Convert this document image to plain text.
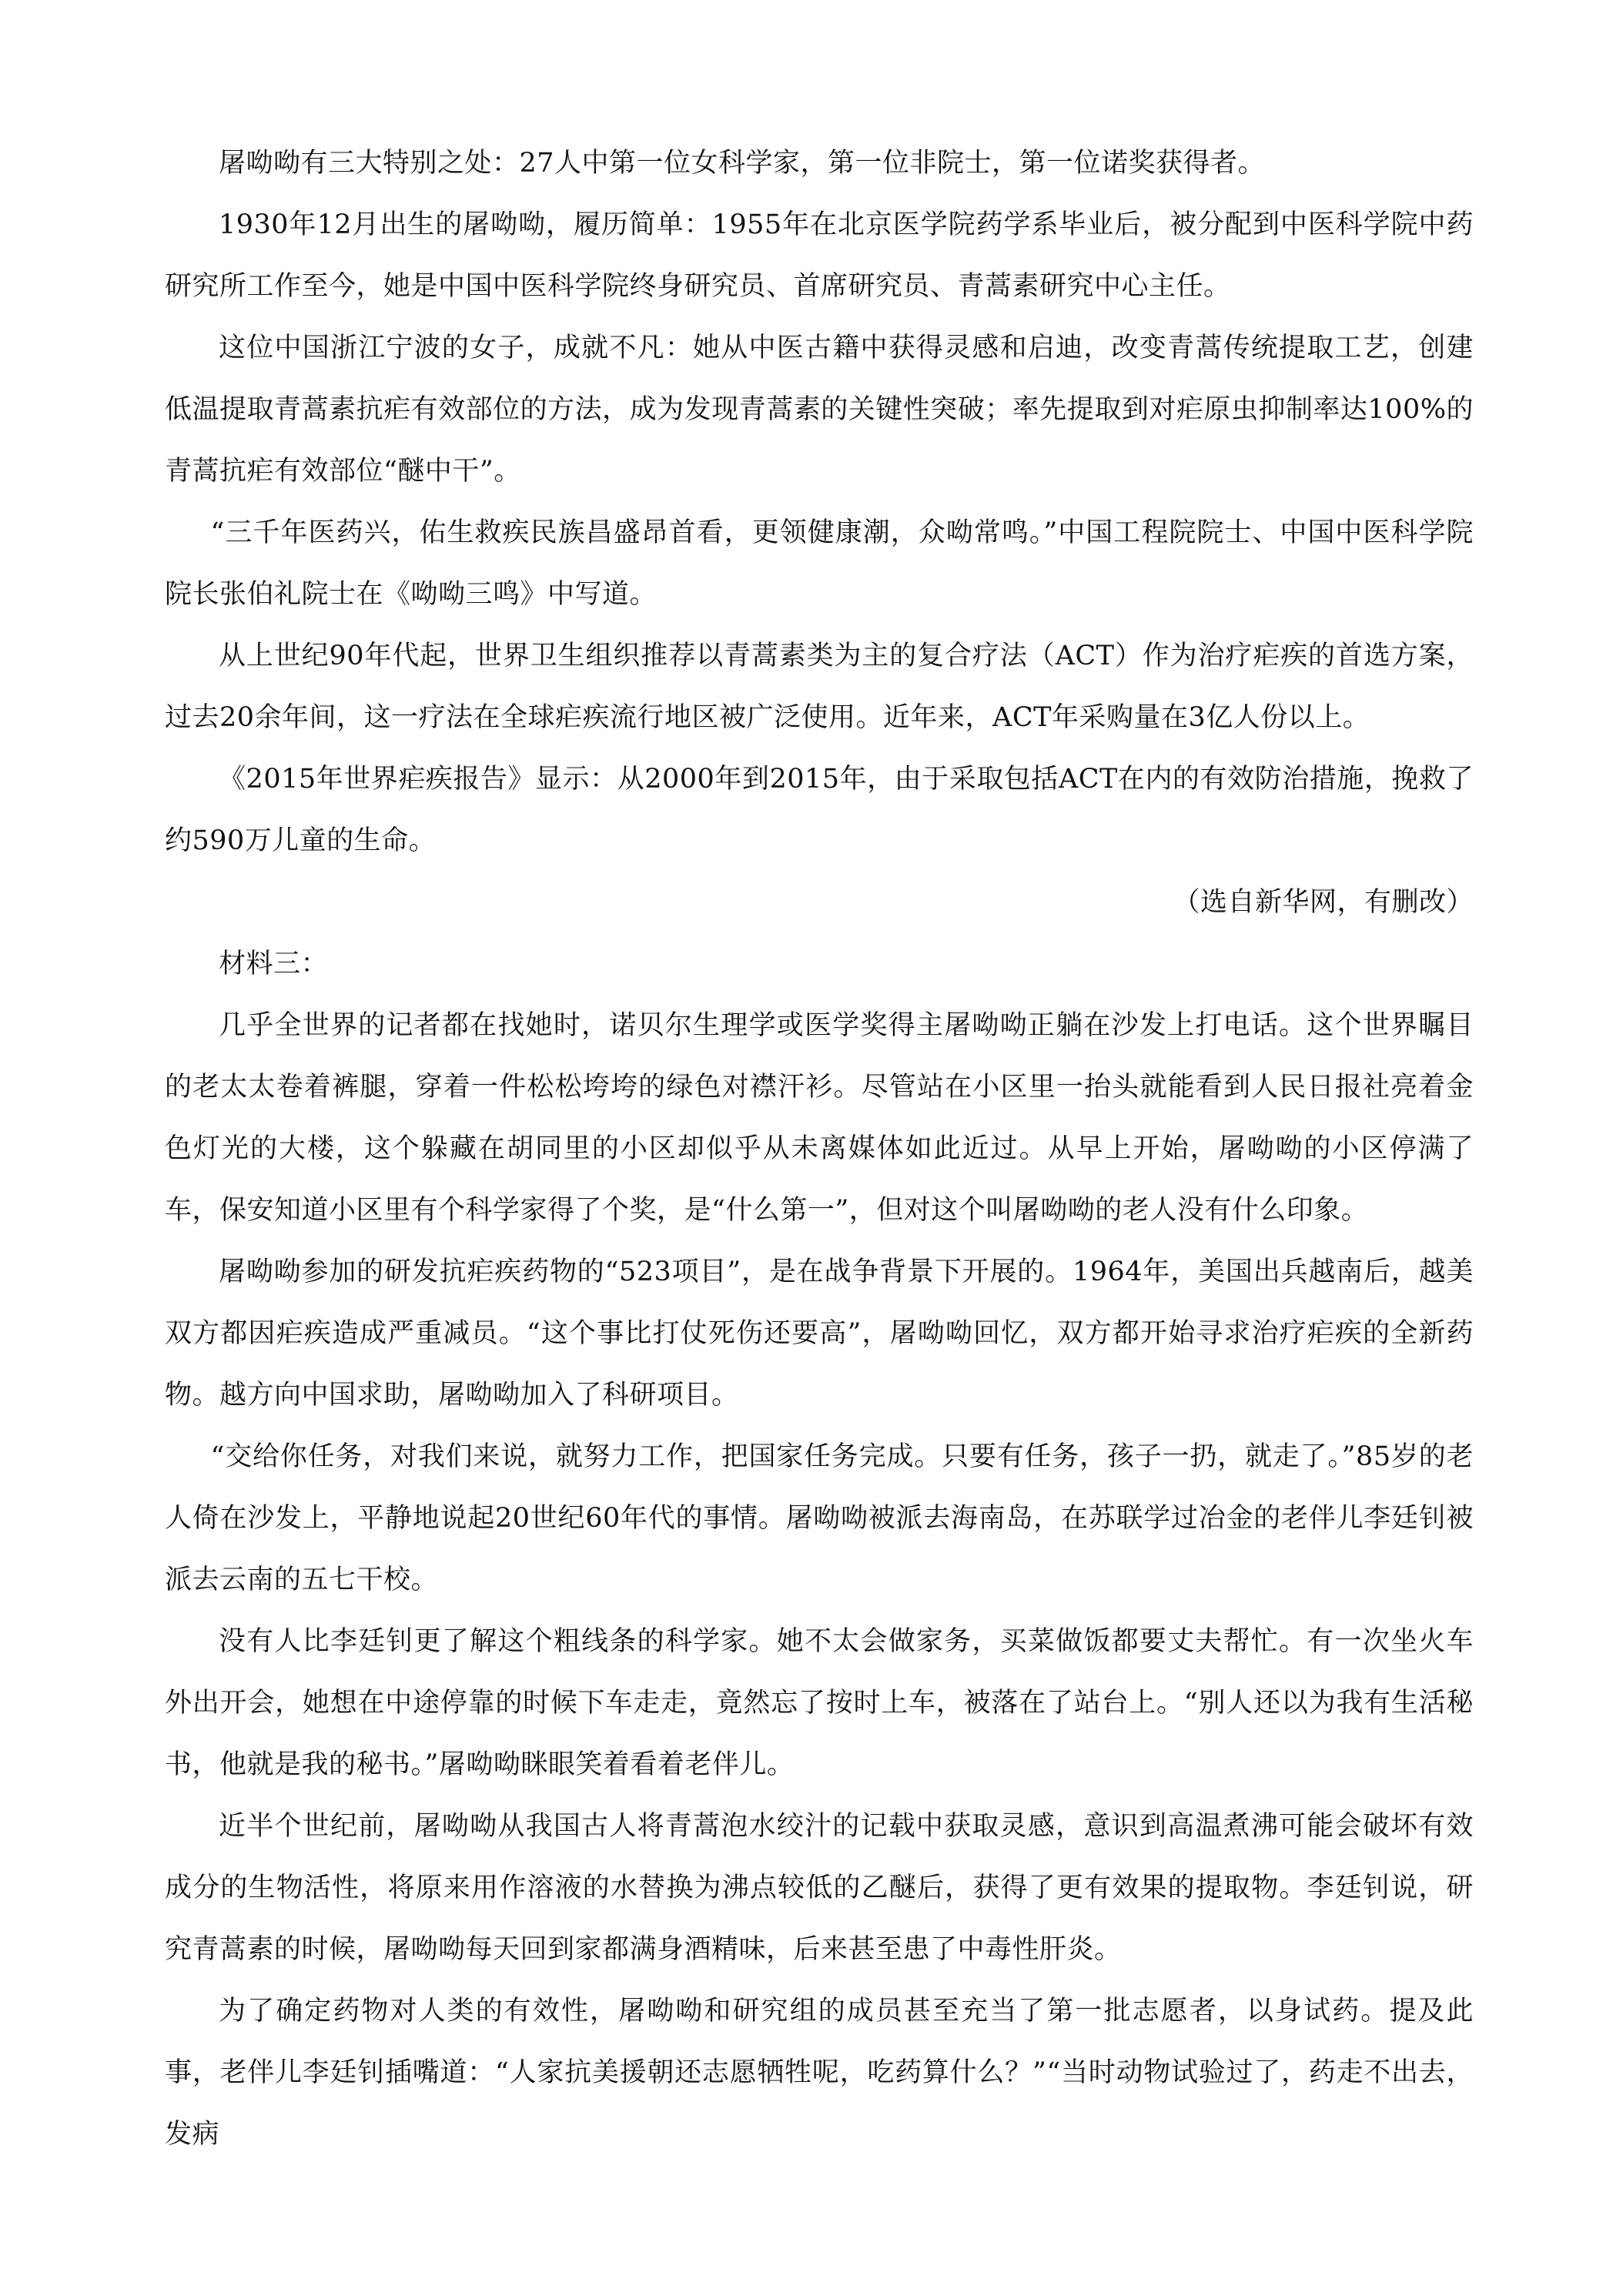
屠呦呦有三大特别之处：27人中第一位女科学家，第一位非院士，第一位诺奖获得者。

1930年12月出生的屠呦呦，履历简单：1955年在北京医学院药学系毕业后，被分配到中医科学院中药研究所工作至今，她是中国中医科学院终身研究员、首席研究员、青蒿素研究中心主任。

这位中国浙江宁波的女子，成就不凡：她从中医古籍中获得灵感和启迪，改变青蒿传统提取工艺，创建低温提取青蒿素抗疟有效部位的方法，成为发现青蒿素的关键性突破；率先提取到对疟原虫抑制率达100%的青蒿抗疟有效部位“醚中干”。

“三千年医药兴，佑生救疾民族昌盛昂首看，更领健康潮，众呦常鸣。”中国工程院院士、中国中医科学院院长张伯礼院士在《呦呦三鸣》中写道。

从上世纪90年代起，世界卫生组织推荐以青蒿素类为主的复合疗法（ACT）作为治疗疟疾的首选方案，过去20余年间，这一疗法在全球疟疾流行地区被广泛使用。近年来，ACT年采购量在3亿人份以上。

《2015年世界疟疾报告》显示：从2000年到2015年，由于采取包括ACT在内的有效防治措施，挽救了约590万儿童的生命。

（选自新华网，有删改）

材料三：

几乎全世界的记者都在找她时，诺贝尔生理学或医学奖得主屠呦呦正躺在沙发上打电话。这个世界瞩目的老太太卷着裤腿，穿着一件松松垮垮的绿色对襟汗衫。尽管站在小区里一抬头就能看到人民日报社亮着金色灯光的大楼，这个躲藏在胡同里的小区却似乎从未离媒体如此近过。从早上开始，屠呦呦的小区停满了车，保安知道小区里有个科学家得了个奖，是“什么第一”，但对这个叫屠呦呦的老人没有什么印象。

屠呦呦参加的研发抗疟疾药物的“523项目”，是在战争背景下开展的。1964年，美国出兵越南后，越美双方都因疟疾造成严重减员。“这个事比打仗死伤还要高”，屠呦呦回忆，双方都开始寻求治疗疟疾的全新药物。越方向中国求助，屠呦呦加入了科研项目。

“交给你任务，对我们来说，就努力工作，把国家任务完成。只要有任务，孩子一扔，就走了。”85岁的老人倚在沙发上，平静地说起20世纪60年代的事情。屠呦呦被派去海南岛，在苏联学过冶金的老伴儿李廷钊被派去云南的五七干校。

没有人比李廷钊更了解这个粗线条的科学家。她不太会做家务，买菜做饭都要丈夫帮忙。有一次坐火车外出开会，她想在中途停靠的时候下车走走，竟然忘了按时上车，被落在了站台上。“别人还以为我有生活秘书，他就是我的秘书。”屠呦呦眯眼笑着看着老伴儿。

近半个世纪前，屠呦呦从我国古人将青蒿泡水绞汁的记载中获取灵感，意识到高温煮沸可能会破坏有效成分的生物活性，将原来用作溶液的水替换为沸点较低的乙醚后，获得了更有效果的提取物。李廷钊说，研究青蒿素的时候，屠呦呦每天回到家都满身酒精味，后来甚至患了中毒性肝炎。

为了确定药物对人类的有效性，屠呦呦和研究组的成员甚至充当了第一批志愿者，以身试药。提及此事，老伴儿李廷钊插嘴道：“人家抗美援朝还志愿牺牲呢，吃药算什么？”“当时动物试验过了，药走不出去，发病
